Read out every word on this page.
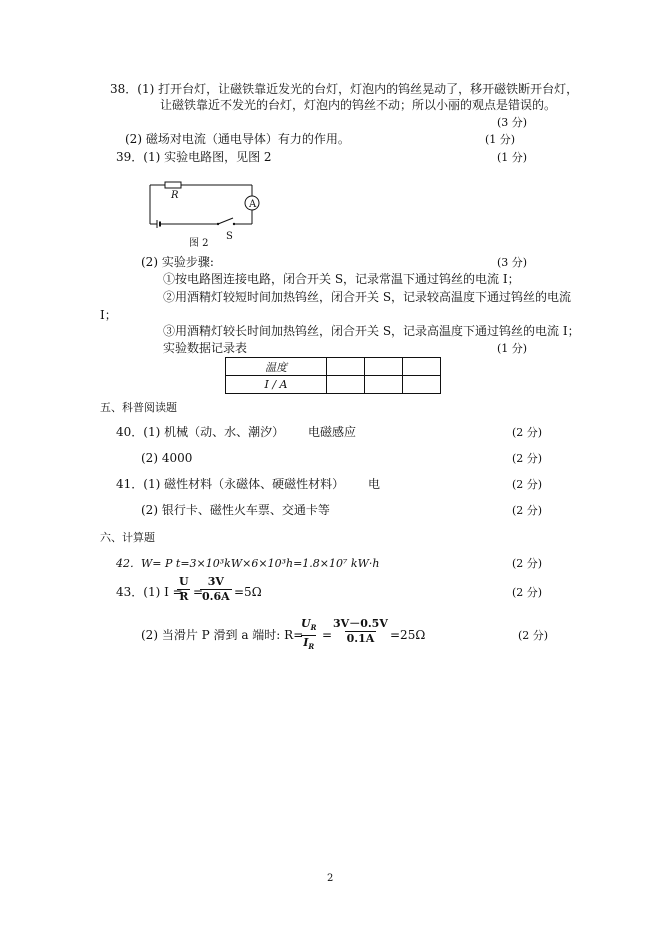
38．(1) 打开台灯，让磁铁靠近发光的台灯，灯泡内的钨丝晃动了，移开磁铁断开台灯，
让磁铁靠近不发光的台灯，灯泡内的钨丝不动；所以小丽的观点是错误的。
(3 分)
(2) 磁场对电流（通电导体）有力的作用。	(1 分)
39．(1) 实验电路图，见图 2	(1 分)
R
A
S
图 2
(2) 实验步骤:	(3 分)
①按电路图连接电路，闭合开关 S，记录常温下通过钨丝的电流 I；
②用酒精灯较短时间加热钨丝，闭合开关 S，记录较高温度下通过钨丝的电流
I；
③用酒精灯较长时间加热钨丝，闭合开关 S，记录高温度下通过钨丝的电流 I；
实验数据记录表	(1 分)
温度			
I / A			
五、科普阅读题
40．(1) 机械（动、水、潮汐） 电磁感应	(2 分)
(2) 4000	(2 分)
41．(1) 磁性材料（永磁体、硬磁性材料） 电	(2 分)
(2) 银行卡、磁性火车票、交通卡等	(2 分)
六、计算题
42．W= P t=3×10³kW×6×10³h=1.8×10⁷ kW·h	(2 分)
43．(1) I =
$\frac{U}{R}$ =
$\frac{3V}{0.6A} =5\Omega$	(2 分)
(2) 当滑片 P 滑到 a 端时: R=
$\frac{U_R}{I_R}$ =
$\frac{3V-0.5V}{0.1A} =25\Omega$	(2 分)
2
